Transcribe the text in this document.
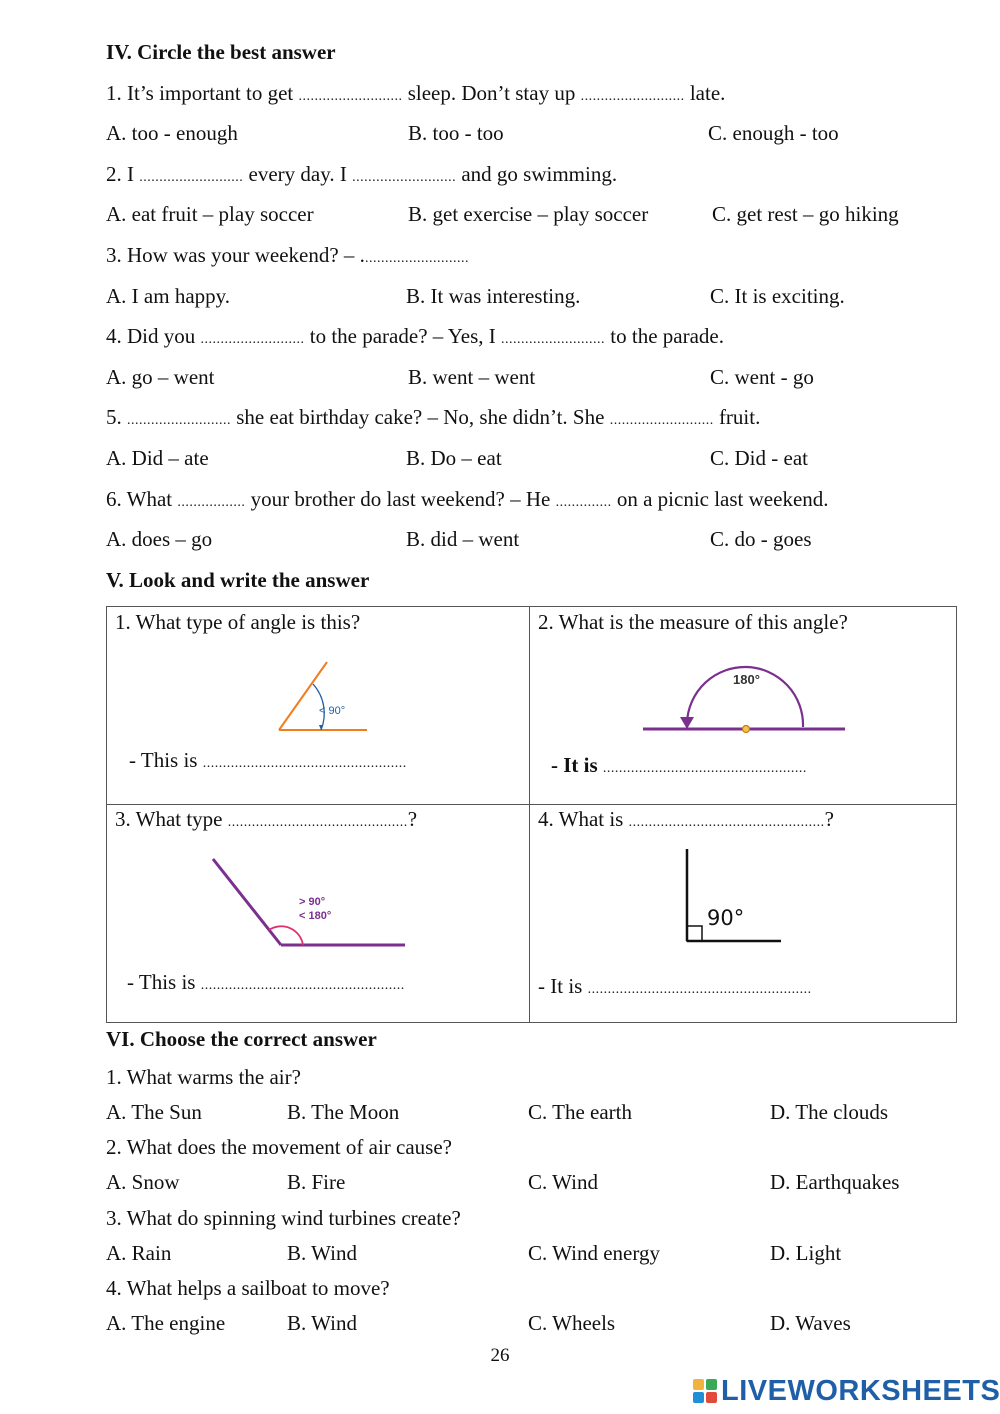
IV. Circle the best answer
1. It’s important to get .......................... sleep. Don’t stay up .......................... late.
A. too - enough	B. too - too	C. enough - too
2. I .......................... every day. I .......................... and go swimming.
A. eat fruit – play soccer	B. get exercise – play soccer	C. get rest – go hiking
3. How was your weekend? – ...........................
A. I am happy.	B. It was interesting.	C. It is exciting.
4. Did you .......................... to the parade? – Yes, I .......................... to the parade.
A. go – went	B. went – went	C. went - go
5. .......................... she eat birthday cake? – No, she didn’t. She .......................... fruit.
A. Did – ate	B. Do – eat	C. Did - eat
6. What ................. your brother do last weekend? – He .............. on a picnic last weekend.
A. does – go	B. did – went	C. do - goes
V. Look and write the answer
1. What type of angle is this?
< 90°
- This is ...................................................
2. What is the measure of this angle?
180°
- It is ...................................................
3. What type .............................................?
> 90°
< 180°
- This is ...................................................
4. What is .................................................?
90°
- It is ........................................................
VI. Choose the correct answer
1. What warms the air?
A. The Sun	B. The Moon	C. The earth	D. The clouds
2. What does the movement of air cause?
A. Snow	B. Fire	C. Wind	D. Earthquakes
3. What do spinning wind turbines create?
A. Rain	B. Wind	C. Wind energy	D. Light
4. What helps a sailboat to move?
A. The engine	B. Wind	C. Wheels	D. Waves
26
LIVEWORKSHEETS
